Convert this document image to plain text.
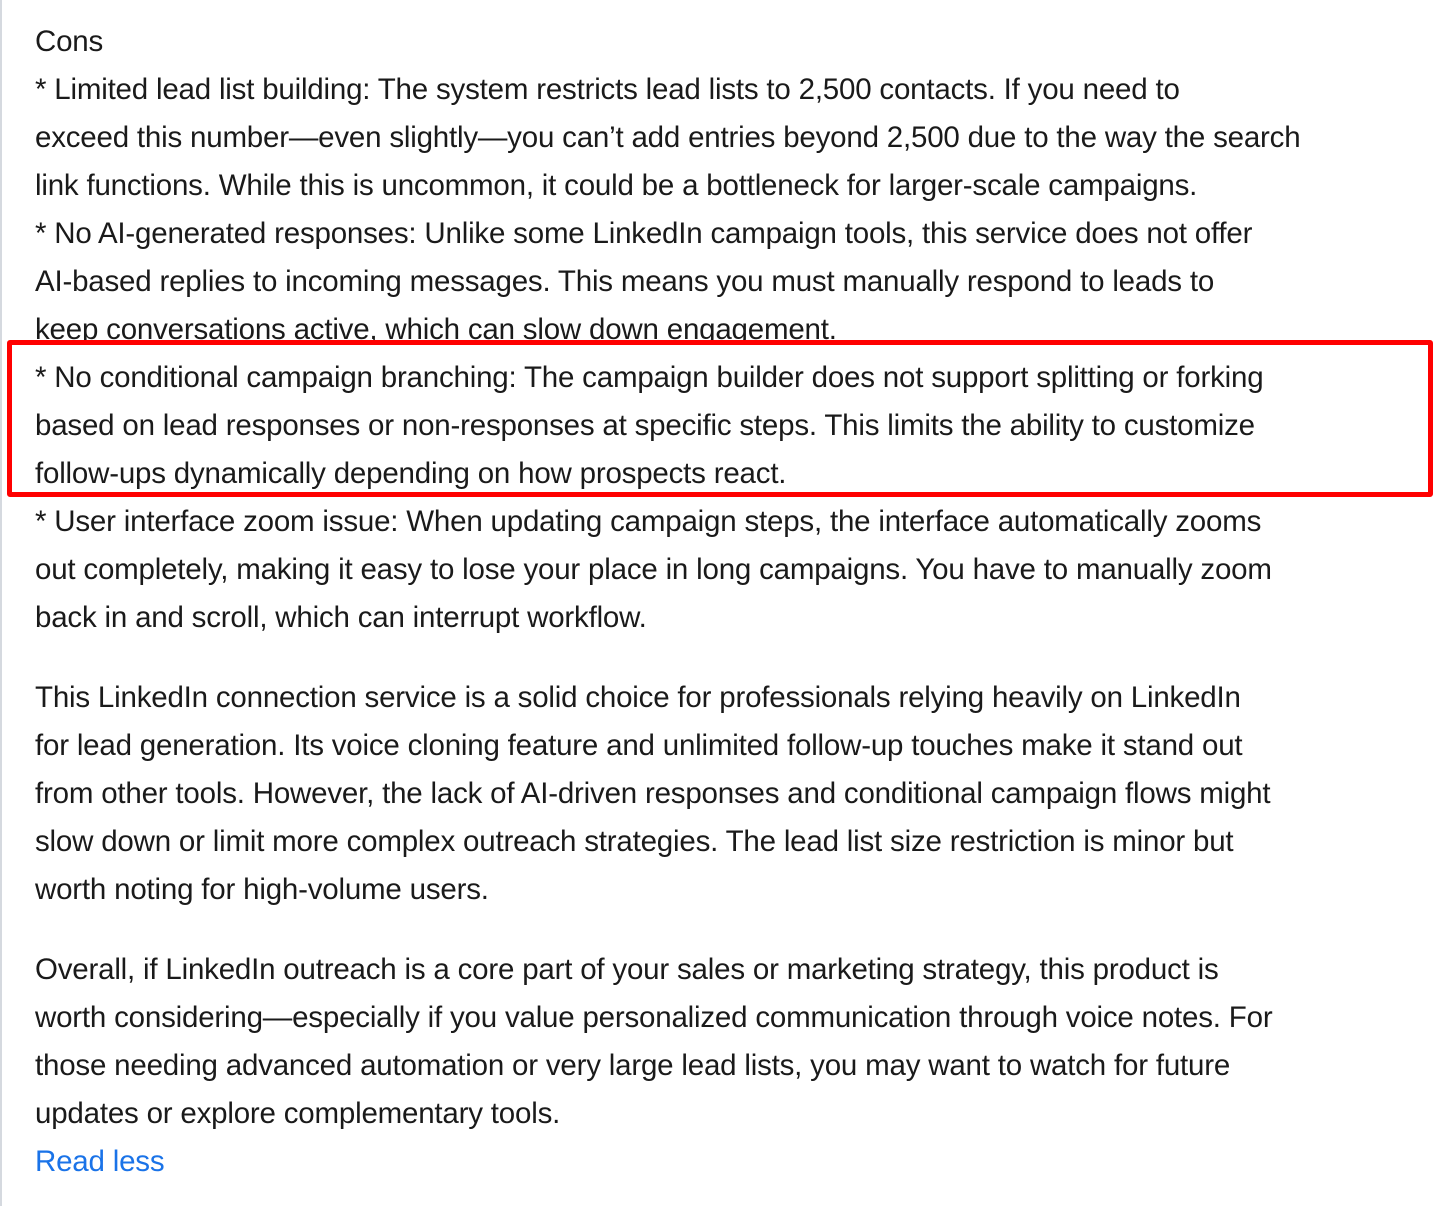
Cons
* Limited lead list building: The system restricts lead lists to 2,500 contacts. If you need to
exceed this number—even slightly—you can’t add entries beyond 2,500 due to the way the search
link functions. While this is uncommon, it could be a bottleneck for larger-scale campaigns.
* No AI-generated responses: Unlike some LinkedIn campaign tools, this service does not offer
AI-based replies to incoming messages. This means you must manually respond to leads to
keep conversations active, which can slow down engagement.
* No conditional campaign branching: The campaign builder does not support splitting or forking
based on lead responses or non-responses at specific steps. This limits the ability to customize
follow-ups dynamically depending on how prospects react.
* User interface zoom issue: When updating campaign steps, the interface automatically zooms
out completely, making it easy to lose your place in long campaigns. You have to manually zoom
back in and scroll, which can interrupt workflow.
This LinkedIn connection service is a solid choice for professionals relying heavily on LinkedIn
for lead generation. Its voice cloning feature and unlimited follow-up touches make it stand out
from other tools. However, the lack of AI-driven responses and conditional campaign flows might
slow down or limit more complex outreach strategies. The lead list size restriction is minor but
worth noting for high-volume users.
Overall, if LinkedIn outreach is a core part of your sales or marketing strategy, this product is
worth considering—especially if you value personalized communication through voice notes. For
those needing advanced automation or very large lead lists, you may want to watch for future
updates or explore complementary tools.
Read less
